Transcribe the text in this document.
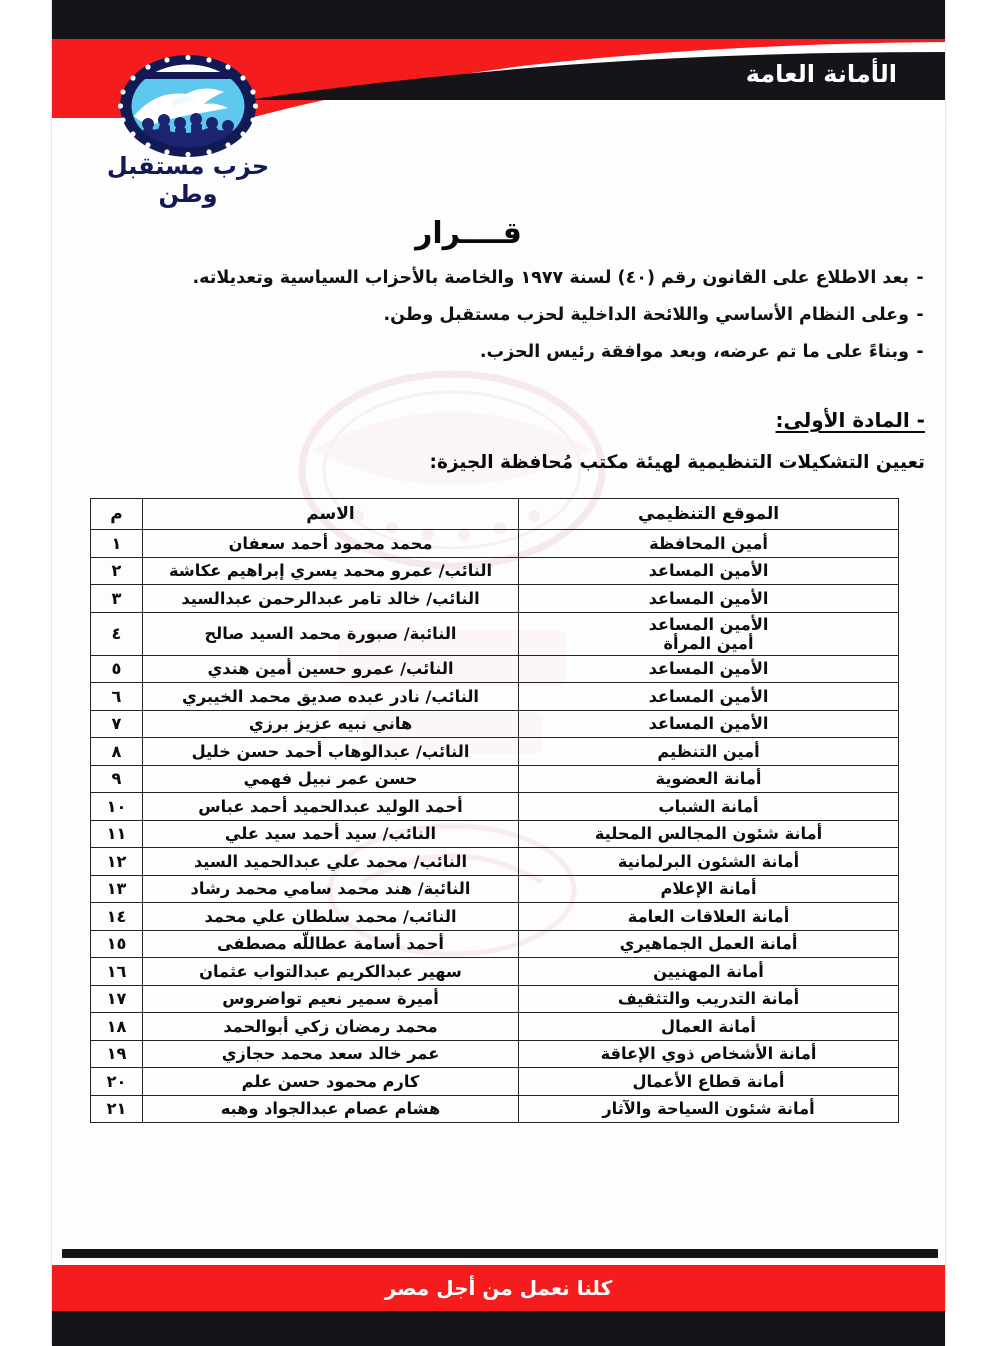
الأمانة العامة
حزب مستقبل وطن
قــــرار
-
بعد الاطلاع على القانون رقم (٤٠) لسنة ١٩٧٧ والخاصة بالأحزاب السياسية وتعديلاته.
-
وعلى النظام الأساسي واللائحة الداخلية لحزب مستقبل وطن.
-
وبناءً على ما تم عرضه، وبعد موافقة رئيس الحزب.
- المادة الأولى:
تعيين التشكيلات التنظيمية لهيئة مكتب مُحافظة الجيزة:
الموقع التنظيمي	الاسم	م
أمين المحافظة	محمد محمود أحمد سعفان	١
الأمين المساعد	النائب/ عمرو محمد يسري إبراهيم عكاشة	٢
الأمين المساعد	النائب/ خالد تامر عبدالرحمن عبدالسيد	٣

الأمين المساعد
أمين المرأة	النائبة/ صبورة محمد السيد صالح	٤
الأمين المساعد	النائب/ عمرو حسين أمين هندي	٥
الأمين المساعد	النائب/ نادر عبده صديق محمد الخيبري	٦
الأمين المساعد	هاني نبيه عزيز برزي	٧
أمين التنظيم	النائب/ عبدالوهاب أحمد حسن خليل	٨
أمانة العضوية	حسن عمر نبيل فهمي	٩
أمانة الشباب	أحمد الوليد عبدالحميد أحمد عباس	١٠
أمانة شئون المجالس المحلية	النائب/ سيد أحمد سيد علي	١١
أمانة الشئون البرلمانية	النائب/ محمد علي عبدالحميد السيد	١٢
أمانة الإعلام	النائبة/ هند محمد سامي محمد رشاد	١٣
أمانة العلاقات العامة	النائب/ محمد سلطان علي محمد	١٤
أمانة العمل الجماهيري	أحمد أسامة عطاللّه مصطفى	١٥
أمانة المهنيين	سهير عبدالكريم عبدالتواب عثمان	١٦
أمانة التدريب والتثقيف	أميرة سمير نعيم تواضروس	١٧
أمانة العمال	محمد رمضان زكي أبوالحمد	١٨
أمانة الأشخاص ذوي الإعاقة	عمر خالد سعد محمد حجازي	١٩
أمانة قطاع الأعمال	كارم محمود حسن علم	٢٠
أمانة شئون السياحة والآثار	هشام عصام عبدالجواد وهبه	٢١
كلنا نعمل من أجل مصر
